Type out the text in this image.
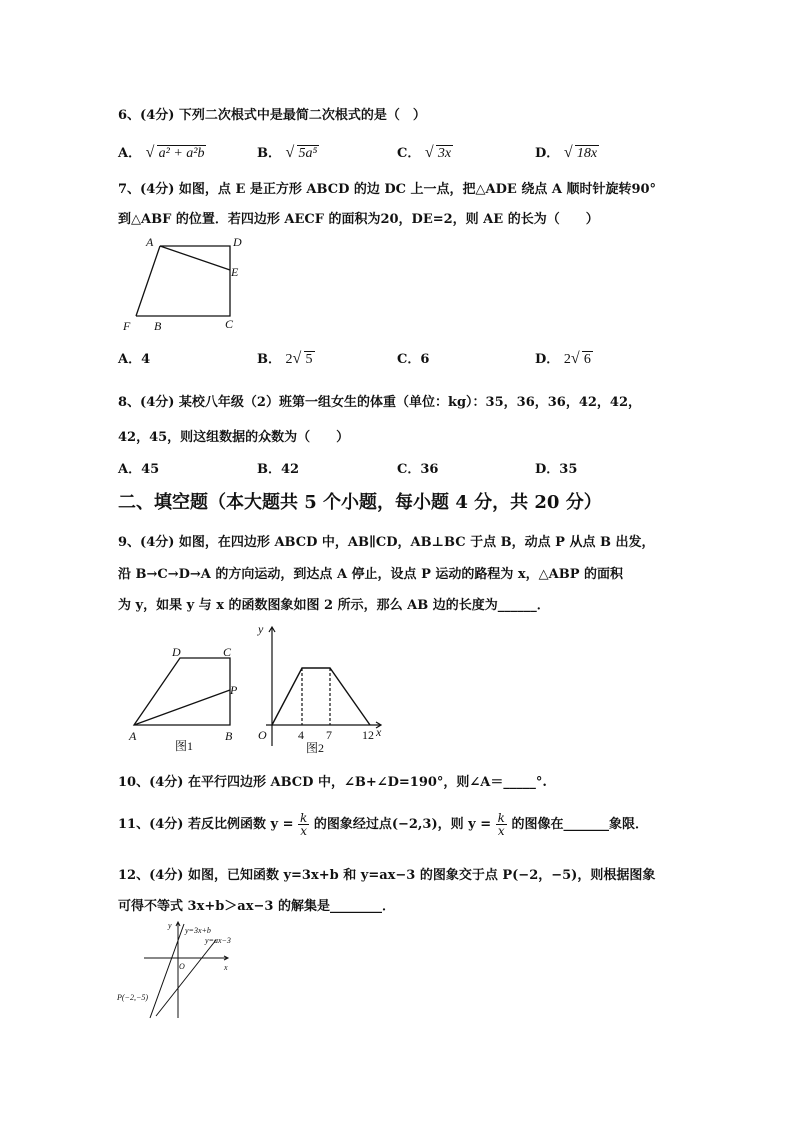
6、(4分) 下列二次根式中是最简二次根式的是（　）
A． √ a² + a²b	B． √ 5a⁵	C． √ 3x	D． √ 18x
7、(4分) 如图，点 E 是正方形 ABCD 的边 DC 上一点，把△ADE 绕点 A 顺时针旋转90°
到△ABF 的位置．若四边形 AECF 的面积为20，DE=2，则 AE 的长为（　　）
A	D
E
F B	C
A．4	B． 2 √ 5	C．6	D． 2 √ 6
8、(4分) 某校八年级（2）班第一组女生的体重（单位：kg）：35，36，36，42，42，
42，45，则这组数据的众数为（　　）
A．45	B．42	C．36	D．35
二、填空题（本大题共 5 个小题，每小题 4 分，共 20 分）
9、(4分) 如图，在四边形 ABCD 中，AB∥CD，AB⊥BC 于点 B，动点 P 从点 B 出发，
沿 B→C→D→A 的方向运动，到达点 A 停止，设点 P 运动的路程为 x，△ABP 的面积
为 y，如果 y 与 x 的函数图象如图 2 所示，那么 AB 边的长度为______．
D	C
P
A	B
图1
y
x
O	4 7	12
图2
10、(4分) 在平行四边形 ABCD 中，∠B+∠D=190°，则∠A＝_____°.
11、(4分) 若反比例函数 $y = \frac{k}{x}$ 的图象经过点(−2,3)，则 $y = \frac{k}{x}$ 的图像在_______象限．
12、(4分) 如图，已知函数 y=3x+b 和 y=ax−3 的图象交于点 P(−2，−5)，则根据图象
可得不等式 3x+b＞ax−3 的解集是________．
y
x
O
y=3x+b
y=ax−3
P(−2,−5)
